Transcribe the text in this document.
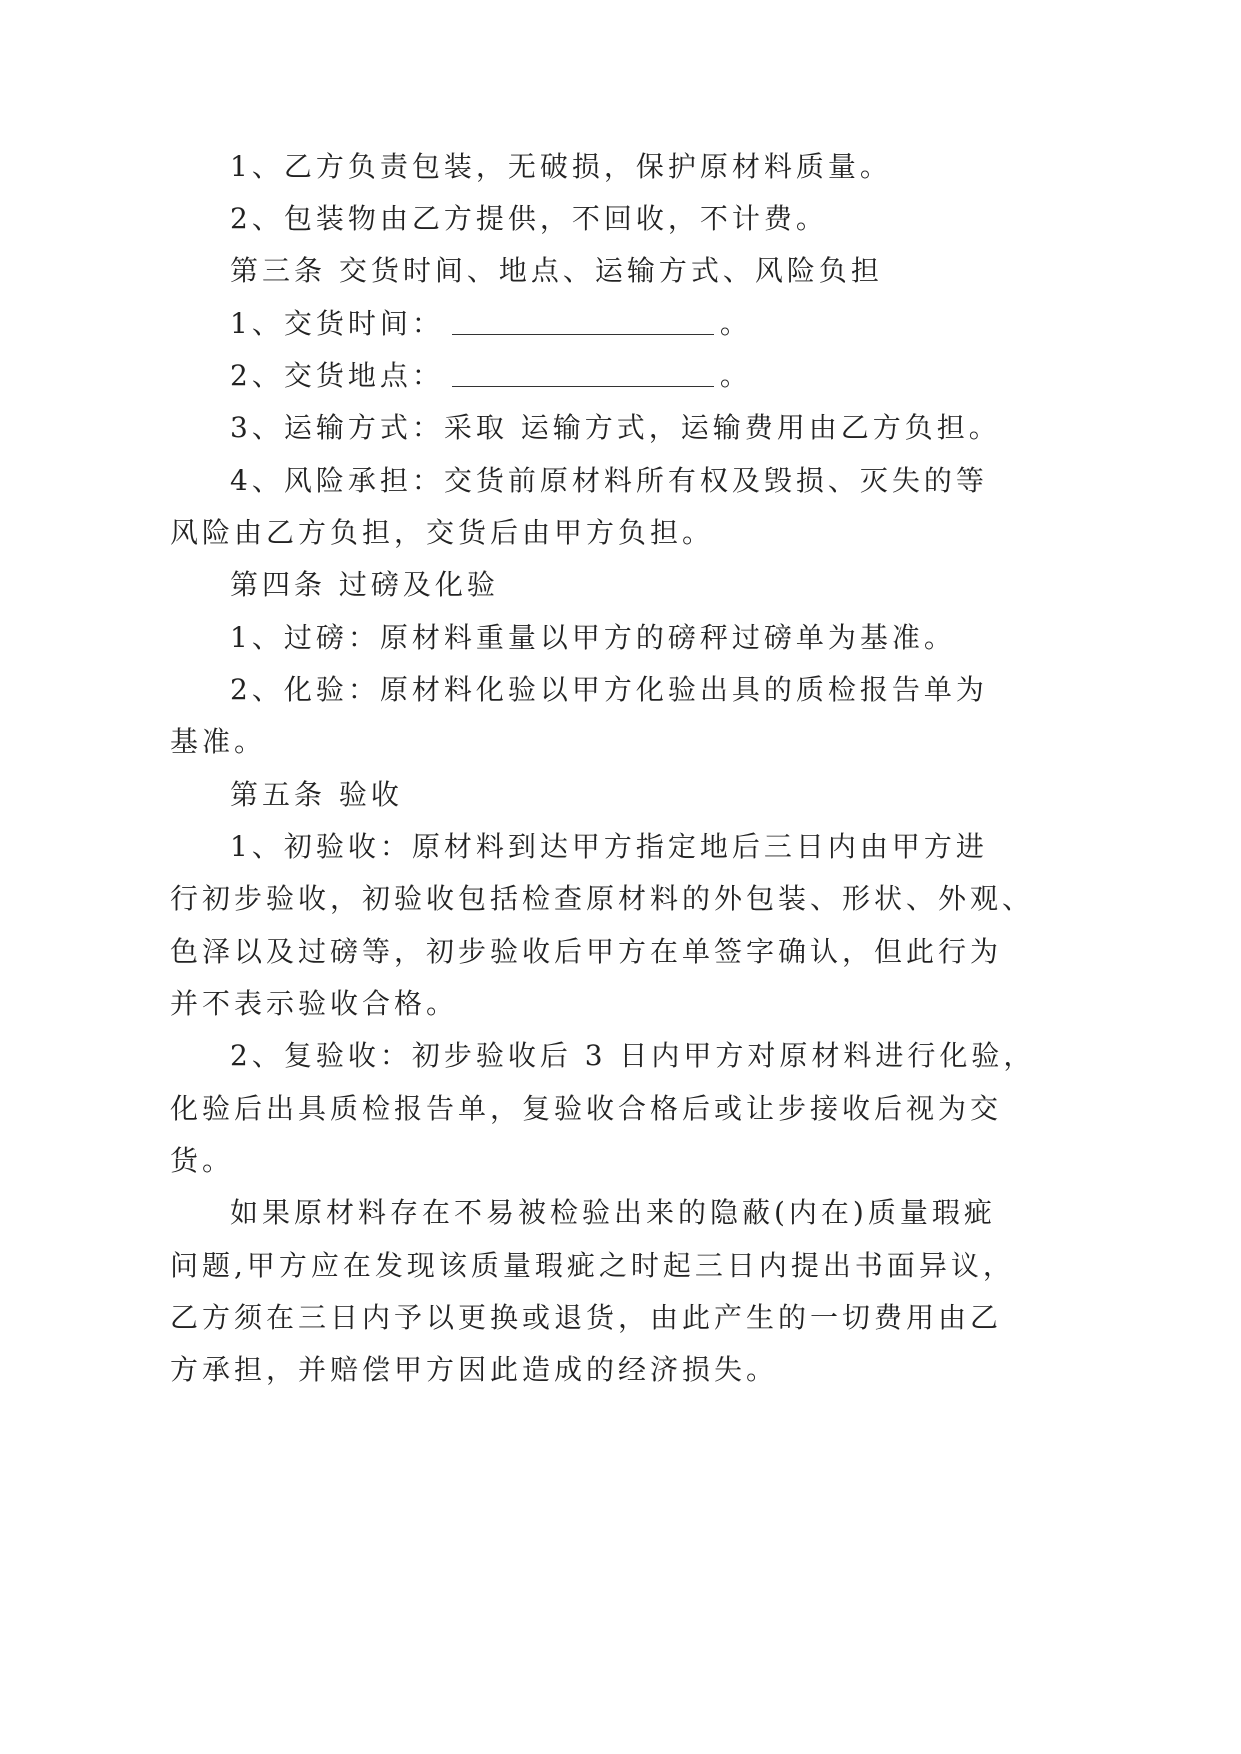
1、乙方负责包装，无破损，保护原材料质量。
2、包装物由乙方提供，不回收，不计费。
第三条 交货时间、地点、运输方式、风险负担
1、交货时间：	。
2、交货地点：	。
3、运输方式：采取 运输方式，运输费用由乙方负担。
4、风险承担：交货前原材料所有权及毁损、灭失的等
风险由乙方负担，交货后由甲方负担。
第四条 过磅及化验
1、过磅：原材料重量以甲方的磅秤过磅单为基准。
2、化验：原材料化验以甲方化验出具的质检报告单为
基准。
第五条 验收
1、初验收：原材料到达甲方指定地后三日内由甲方进
行初步验收，初验收包括检查原材料的外包装、形状、外观、
色泽以及过磅等，初步验收后甲方在单签字确认，但此行为
并不表示验收合格。
2、复验收：初步验收后 3 日内甲方对原材料进行化验，
化验后出具质检报告单，复验收合格后或让步接收后视为交
货。
如果原材料存在不易被检验出来的隐蔽(内在)质量瑕疵
问题,甲方应在发现该质量瑕疵之时起三日内提出书面异议，
乙方须在三日内予以更换或退货，由此产生的一切费用由乙
方承担，并赔偿甲方因此造成的经济损失。
